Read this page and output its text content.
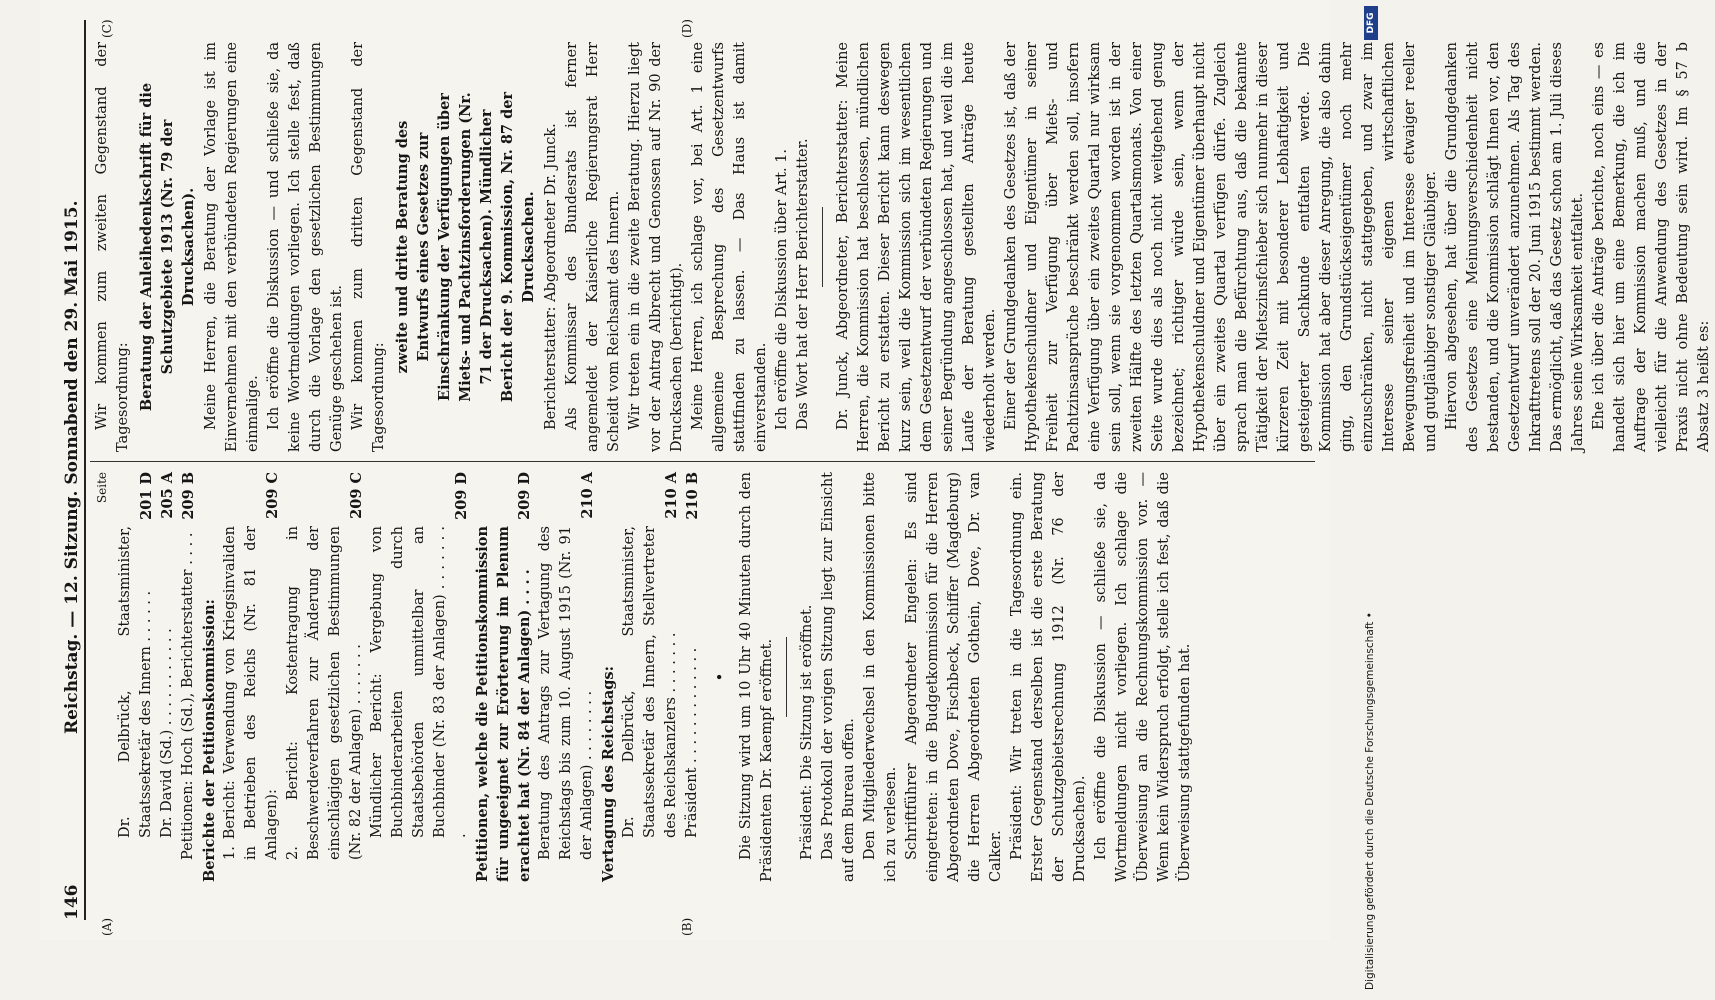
146
Reichstag. — 12. Sitzung. Sonnabend den 29. Mai 1915.
(A)	(B)
(C)	(D)
Seite
Dr. Delbrück, Staatsminister, Staatssekretär des Innern . . . . . .
201 D
Dr. David (Sd.) . . . . . . . . . . .
205 A
Petitionen: Hoch (Sd.), Berichterstatter . . . .
209 B
Berichte der Petitionskommission: 1. Bericht: Verwendung von Kriegsinvaliden in Betrieben des Reichs (Nr. 81 der Anlagen):
209 C
2. Bericht: Kostentragung in Beschwerdeverfahren zur Änderung der einschlägigen gesetzlichen Bestimmungen (Nr. 82 der Anlagen) . . . . . . .
209 C
Mündlicher Bericht: Vergebung von Buchbinderarbeiten durch Staatsbehörden unmittelbar an Buchbinder (Nr. 83 der Anlagen) . . . . . . . .
209 D
Petitionen, welche die Petitionskommission für ungeeignet zur Erörterung im Plenum erachtet hat (Nr. 84 der Anlagen) . . . .
209 D
Beratung des Antrags zur Vertagung des Reichstags bis zum 10. August 1915 (Nr. 91 der Anlagen) . . . . . . . .
210 A
Vertagung des Reichstags: Dr. Delbrück, Staatsminister, Staatssekretär des Innern, Stellvertreter des Reichskanzlers . . . . . . .
210 A
Präsident . . . . . . . . . . . . .
210 B
• Die Sitzung wird um 10 Uhr 40 Minuten durch den Präsidenten Dr. Kaempf eröffnet. Präsident: Die Sitzung ist eröffnet. Das Protokoll der vorigen Sitzung liegt zur Einsicht auf dem Bureau offen. Den Mitgliederwechsel in den Kommissionen bitte ich zu verlesen. Schriftführer Abgeordneter Engelen: Es sind eingetreten: in die Budgetkommission für die Herren Abgeordneten Dove, Fischbeck, Schiffer (Magdeburg) die Herren Abgeordneten Gothein, Dove, Dr. van Calker. Präsident: Wir treten in die Tagesordnung ein. Erster Gegenstand derselben ist die erste Beratung der Schutzgebietsrechnung 1912 (Nr. 76 der Drucksachen). Ich eröffne die Diskussion — schließe sie, da Wortmeldungen nicht vorliegen. Ich schlage die Überweisung an die Rechnungskommission vor. — Wenn kein Widerspruch erfolgt, stelle ich fest, daß die Überweisung stattgefunden hat.

Wir kommen zum zweiten Gegenstand der Tagesordnung: Beratung der Anleihedenkschrift für die Schutzgebiete 1913 (Nr. 79 der Drucksachen). Meine Herren, die Beratung der Vorlage ist im Einvernehmen mit den verbündeten Regierungen eine einmalige. Ich eröffne die Diskussion — und schließe sie, da keine Wortmeldungen vorliegen. Ich stelle fest, daß durch die Vorlage den gesetzlichen Bestimmungen Genüge geschehen ist. Wir kommen zum dritten Gegenstand der Tagesordnung:

zweite und dritte Beratung des Entwurfs eines Gesetzes zur Einschränkung der Verfügungen über Miets- und Pachtzinsforderungen (Nr. 71 der Drucksachen). Mündlicher Bericht der 9. Kommission, Nr. 87 der Drucksachen. Berichterstatter: Abgeordneter Dr. Junck. Als Kommissar des Bundesrats ist ferner angemeldet der Kaiserliche Regierungsrat Herr Scheidt vom Reichsamt des Innern. Wir treten ein in die zweite Beratung. Hierzu liegt vor der Antrag Albrecht und Genossen auf Nr. 90 der Drucksachen (berichtigt). Meine Herren, ich schlage vor, bei Art. 1 eine allgemeine Besprechung des Gesetzentwurfs stattfinden zu lassen. — Das Haus ist damit einverstanden. Ich eröffne die Diskussion über Art. 1. Das Wort hat der Herr Berichterstatter. Dr. Junck, Abgeordneter, Berichterstatter: Meine Herren, die Kommission hat beschlossen, mündlichen Bericht zu erstatten. Dieser Bericht kann deswegen kurz sein, weil die Kommission sich im wesentlichen dem Gesetzentwurf der verbündeten Regierungen und seiner Begründung angeschlossen hat, und weil die im Laufe der Beratung gestellten Anträge heute wiederholt werden. Einer der Grundgedanken des Gesetzes ist, daß der Hypothekenschuldner und Eigentümer in seiner Freiheit zur Verfügung über Miets- und Pachtzinsansprüche beschränkt werden soll, insofern eine Verfügung über ein zweites Quartal nur wirksam sein soll, wenn sie vorgenommen worden ist in der zweiten Hälfte des letzten Quartalsmonats. Von einer Seite wurde dies als noch nicht weitgehend genug bezeichnet; richtiger würde sein, wenn der Hypothekenschuldner und Eigentümer überhaupt nicht über ein zweites Quartal verfügen dürfe. Zugleich sprach man die Befürchtung aus, daß die bekannte Tätigkeit der Mietszinsfchieber sich nunmehr in dieser kürzeren Zeit mit besonderer Lebhaftigkeit und gesteigerter Sachkunde entfalten werde. Die Kommission hat aber dieser Anregung, die also dahin ging, den Grundstückseigentümer noch mehr einzuschränken, nicht stattgegeben, und zwar im Interesse seiner eigenen wirtschaftlichen Bewegungsfreiheit und im Interesse etwaiger reeller und gutgläubiger sonstiger Gläubiger. Hiervon abgesehen, hat über die Grundgedanken des Gesetzes eine Meinungsverschiedenheit nicht bestanden, und die Kommission schlägt Ihnen vor, den Gesetzentwurf unverändert anzunehmen. Als Tag des Inkrafttretens soll der 20. Juni 1915 bestimmt werden. Das ermöglicht, daß das Gesetz schon am 1. Juli dieses Jahres seine Wirksamkeit entfaltet. Ehe ich über die Anträge berichte, noch eins — es handelt sich hier um eine Bemerkung, die ich im Auftrage der Kommission machen muß, und die vielleicht für die Anwendung des Gesetzes in der Praxis nicht ohne Bedeutung sein wird. Im § 57 b Absatz 3 heißt es:

DFG
Digitalisierung gefördert durch die Deutsche Forschungsgemeinschaft •
